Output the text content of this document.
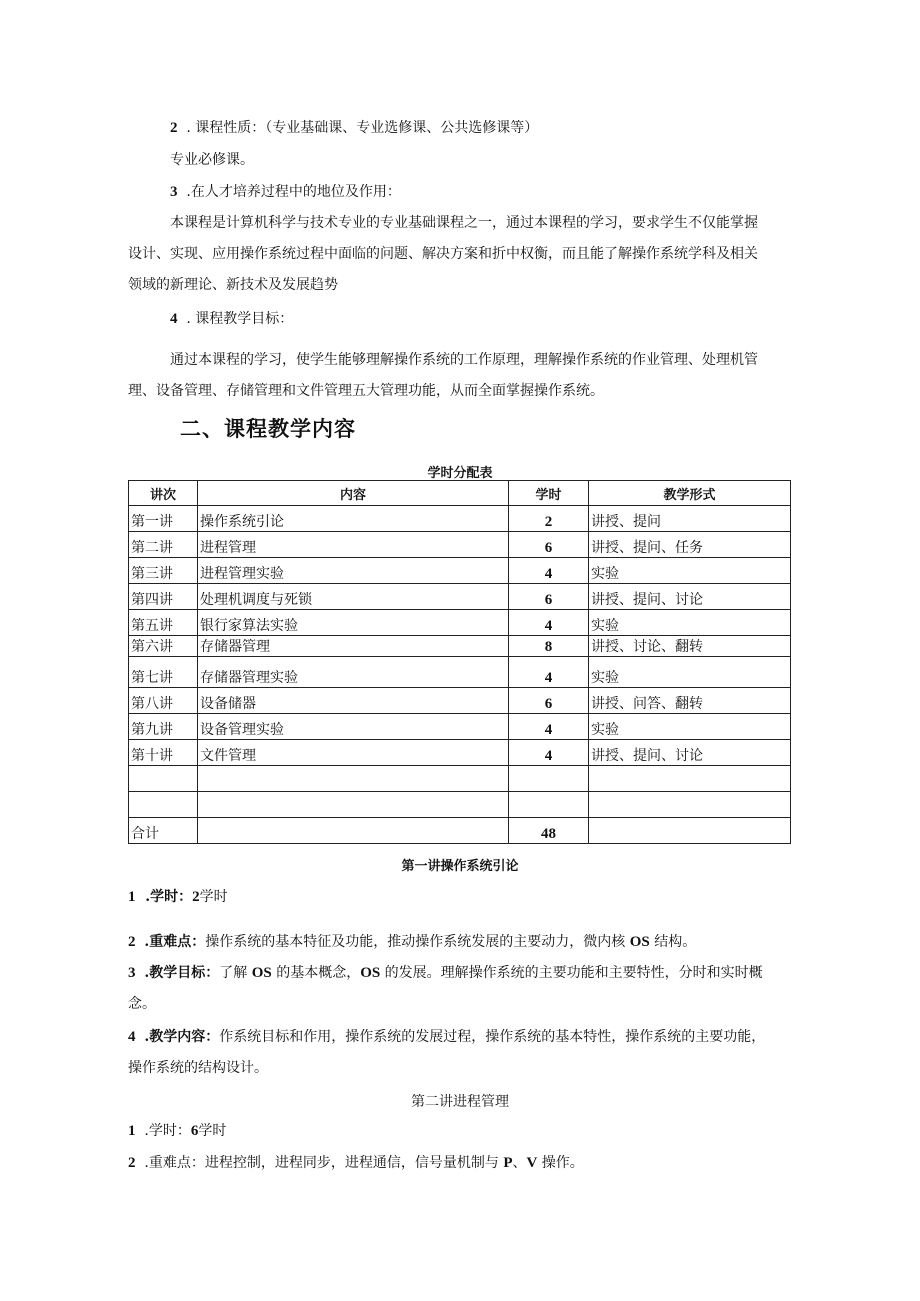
2 . 课程性质：（专业基础课、专业选修课、公共选修课等）
专业必修课。
3 .在人才培养过程中的地位及作用：
本课程是计算机科学与技术专业的专业基础课程之一，通过本课程的学习，要求学生不仅能掌握
设计、实现、应用操作系统过程中面临的问题、解决方案和折中权衡，而且能了解操作系统学科及相关
领域的新理论、新技术及发展趋势
4 . 课程教学目标：
通过本课程的学习，使学生能够理解操作系统的工作原理，理解操作系统的作业管理、处理机管
理、设备管理、存储管理和文件管理五大管理功能，从而全面掌握操作系统。
二、课程教学内容
学时分配表
讲次	内容	学时	教学形式
第一讲	操作系统引论	2	讲授、提问
第二讲	进程管理	6	讲授、提问、任务
第三讲	进程管理实验	4	实验
第四讲	处理机调度与死锁	6	讲授、提问、讨论
第五讲	银行家算法实验	4	实验
第六讲	存储器管理	8	讲授、讨论、翻转
第七讲	存储器管理实验	4	实验
第八讲	设备储器	6	讲授、问答、翻转
第九讲	设备管理实验	4	实验
第十讲	文件管理	4	讲授、提问、讨论

合计		48	
第一讲操作系统引论
1 .学时：2学时
2 .重难点：操作系统的基本特征及功能，推动操作系统发展的主要动力，微内核 OS 结构。
3 .教学目标：了解 OS 的基本概念，OS 的发展。理解操作系统的主要功能和主要特性，分时和实时概
念。
4 .教学内容：作系统目标和作用，操作系统的发展过程，操作系统的基本特性，操作系统的主要功能，
操作系统的结构设计。
第二讲进程管理
1 .学时：6学时
2 .重难点：进程控制，进程同步，进程通信，信号量机制与 P、V 操作。
